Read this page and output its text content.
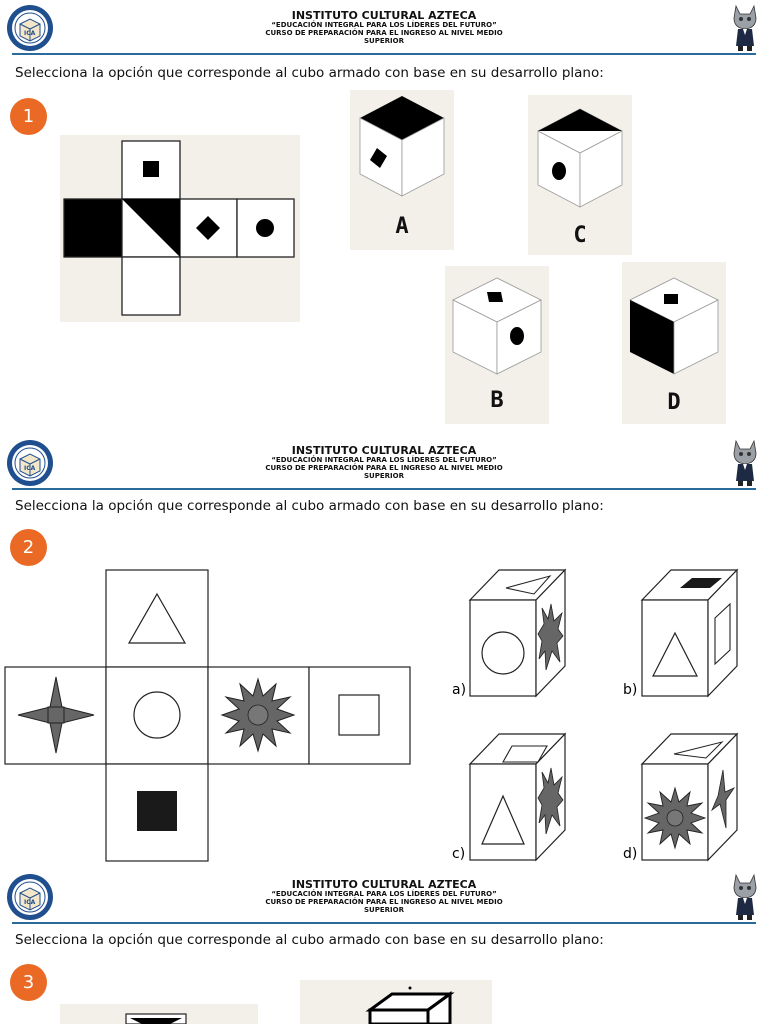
ICA
INSTITUTO CULTURAL AZTECA
“EDUCACIÓN INTEGRAL PARA LOS LÍDERES DEL FUTURO”
CURSO DE PREPARACIÓN PARA EL INGRESO AL NIVEL MEDIO
SUPERIOR
Selecciona la opción que corresponde al cubo armado con base en su desarrollo plano:
1
A	C
B	D
ICA
INSTITUTO CULTURAL AZTECA
“EDUCACIÓN INTEGRAL PARA LOS LÍDERES DEL FUTURO”
CURSO DE PREPARACIÓN PARA EL INGRESO AL NIVEL MEDIO
SUPERIOR
Selecciona la opción que corresponde al cubo armado con base en su desarrollo plano:
2
a)	b)
c)	d)
ICA
INSTITUTO CULTURAL AZTECA
“EDUCACIÓN INTEGRAL PARA LOS LÍDERES DEL FUTURO”
CURSO DE PREPARACIÓN PARA EL INGRESO AL NIVEL MEDIO
SUPERIOR
Selecciona la opción que corresponde al cubo armado con base en su desarrollo plano:
3
